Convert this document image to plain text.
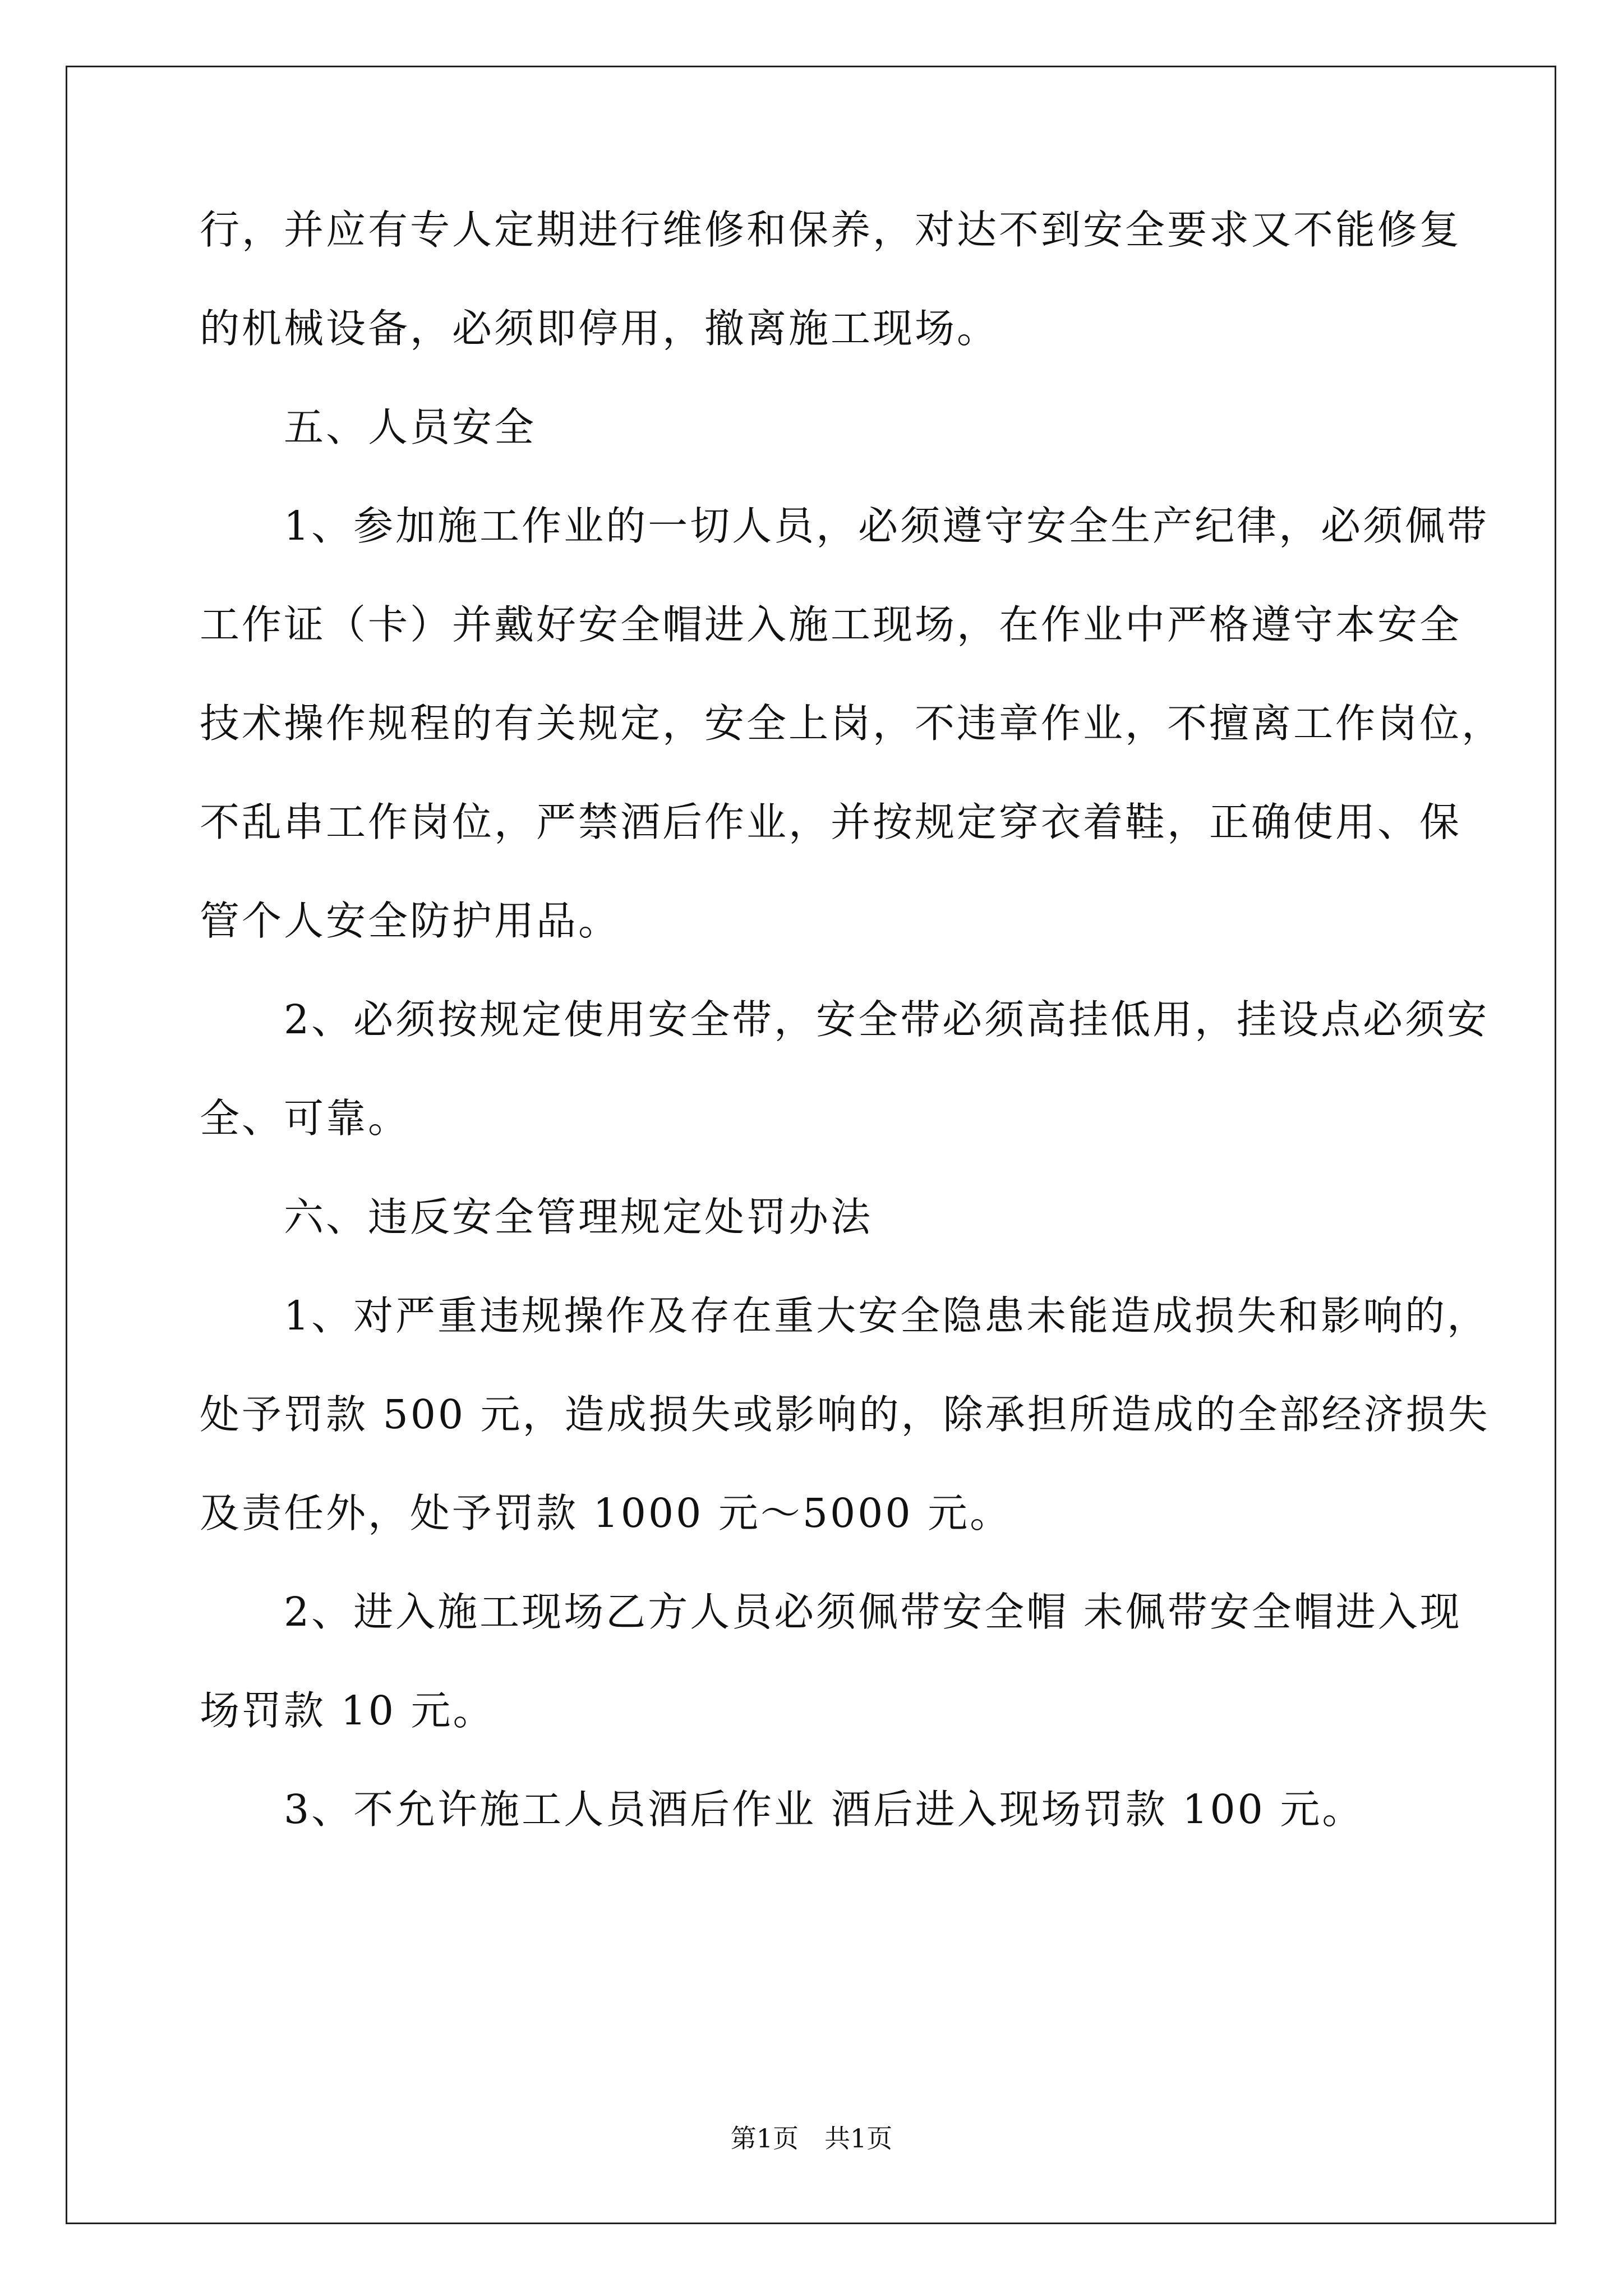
行，并应有专人定期进行维修和保养，对达不到安全要求又不能修复
的机械设备，必须即停用，撤离施工现场。
　　五、人员安全
　　1、参加施工作业的一切人员，必须遵守安全生产纪律，必须佩带
工作证（卡）并戴好安全帽进入施工现场，在作业中严格遵守本安全
技术操作规程的有关规定，安全上岗，不违章作业，不擅离工作岗位，
不乱串工作岗位，严禁酒后作业，并按规定穿衣着鞋，正确使用、保
管个人安全防护用品。
　　2、必须按规定使用安全带，安全带必须高挂低用，挂设点必须安
全、可靠。
　　六、违反安全管理规定处罚办法
　　1、对严重违规操作及存在重大安全隐患未能造成损失和影响的，
处予罚款 500 元，造成损失或影响的，除承担所造成的全部经济损失
及责任外，处予罚款 1000 元～5000 元。
　　2、进入施工现场乙方人员必须佩带安全帽 未佩带安全帽进入现
场罚款 10 元。
　　3、不允许施工人员酒后作业 酒后进入现场罚款 100 元。
第1页　共1页
